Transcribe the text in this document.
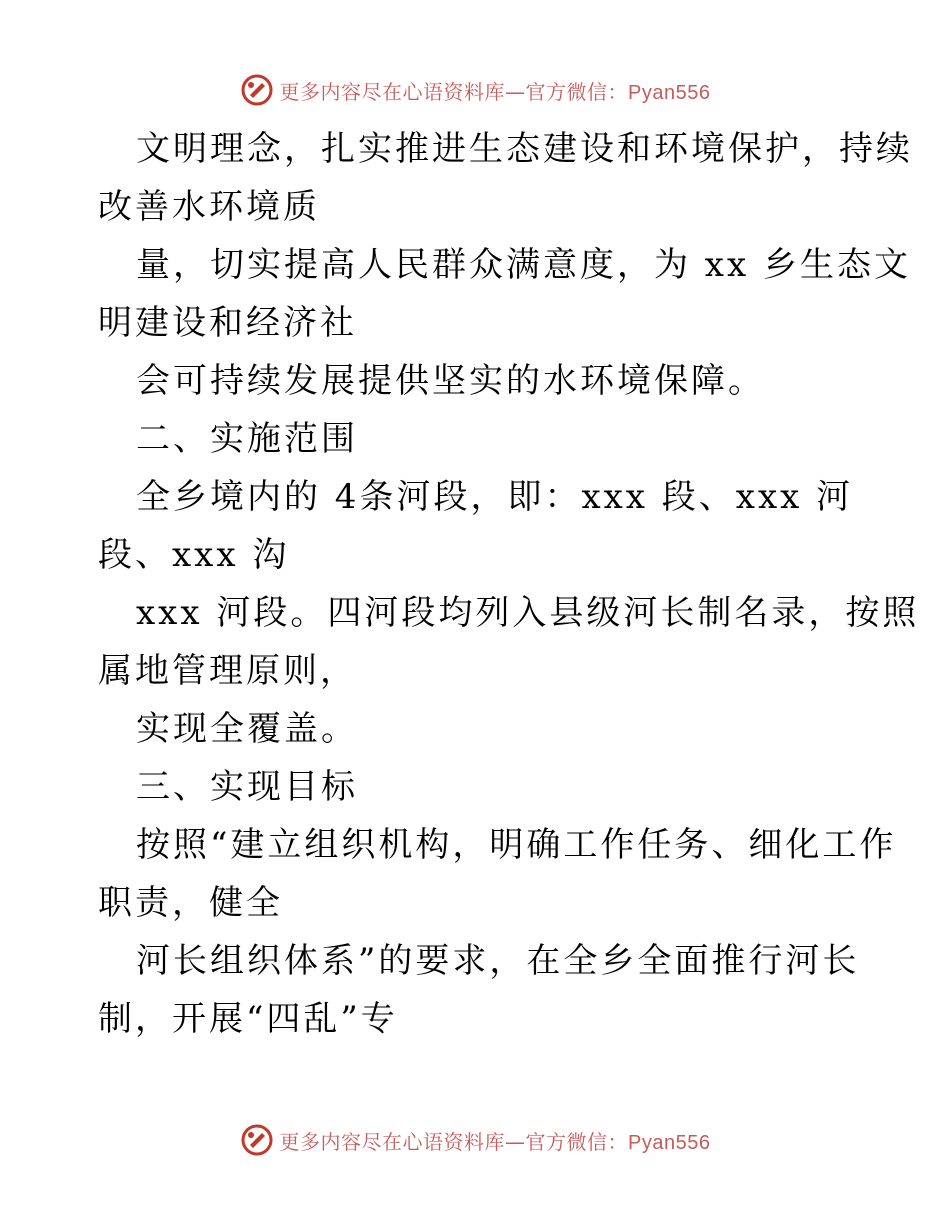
更多内容尽在心语资料库—官方微信：Pyan556
文明理念，扎实推进生态建设和环境保护，持续
改善水环境质
量，切实提高人民群众满意度，为 xx 乡生态文
明建设和经济社
会可持续发展提供坚实的水环境保障。
二、实施范围
全乡境内的 4条河段，即：xxx 段、xxx 河
段、xxx 沟
xxx 河段。四河段均列入县级河长制名录，按照
属地管理原则，
实现全覆盖。
三、实现目标
按照“建立组织机构，明确工作任务、细化工作
职责，健全
河长组织体系”的要求，在全乡全面推行河长
制，开展“四乱”专
更多内容尽在心语资料库—官方微信：Pyan556
